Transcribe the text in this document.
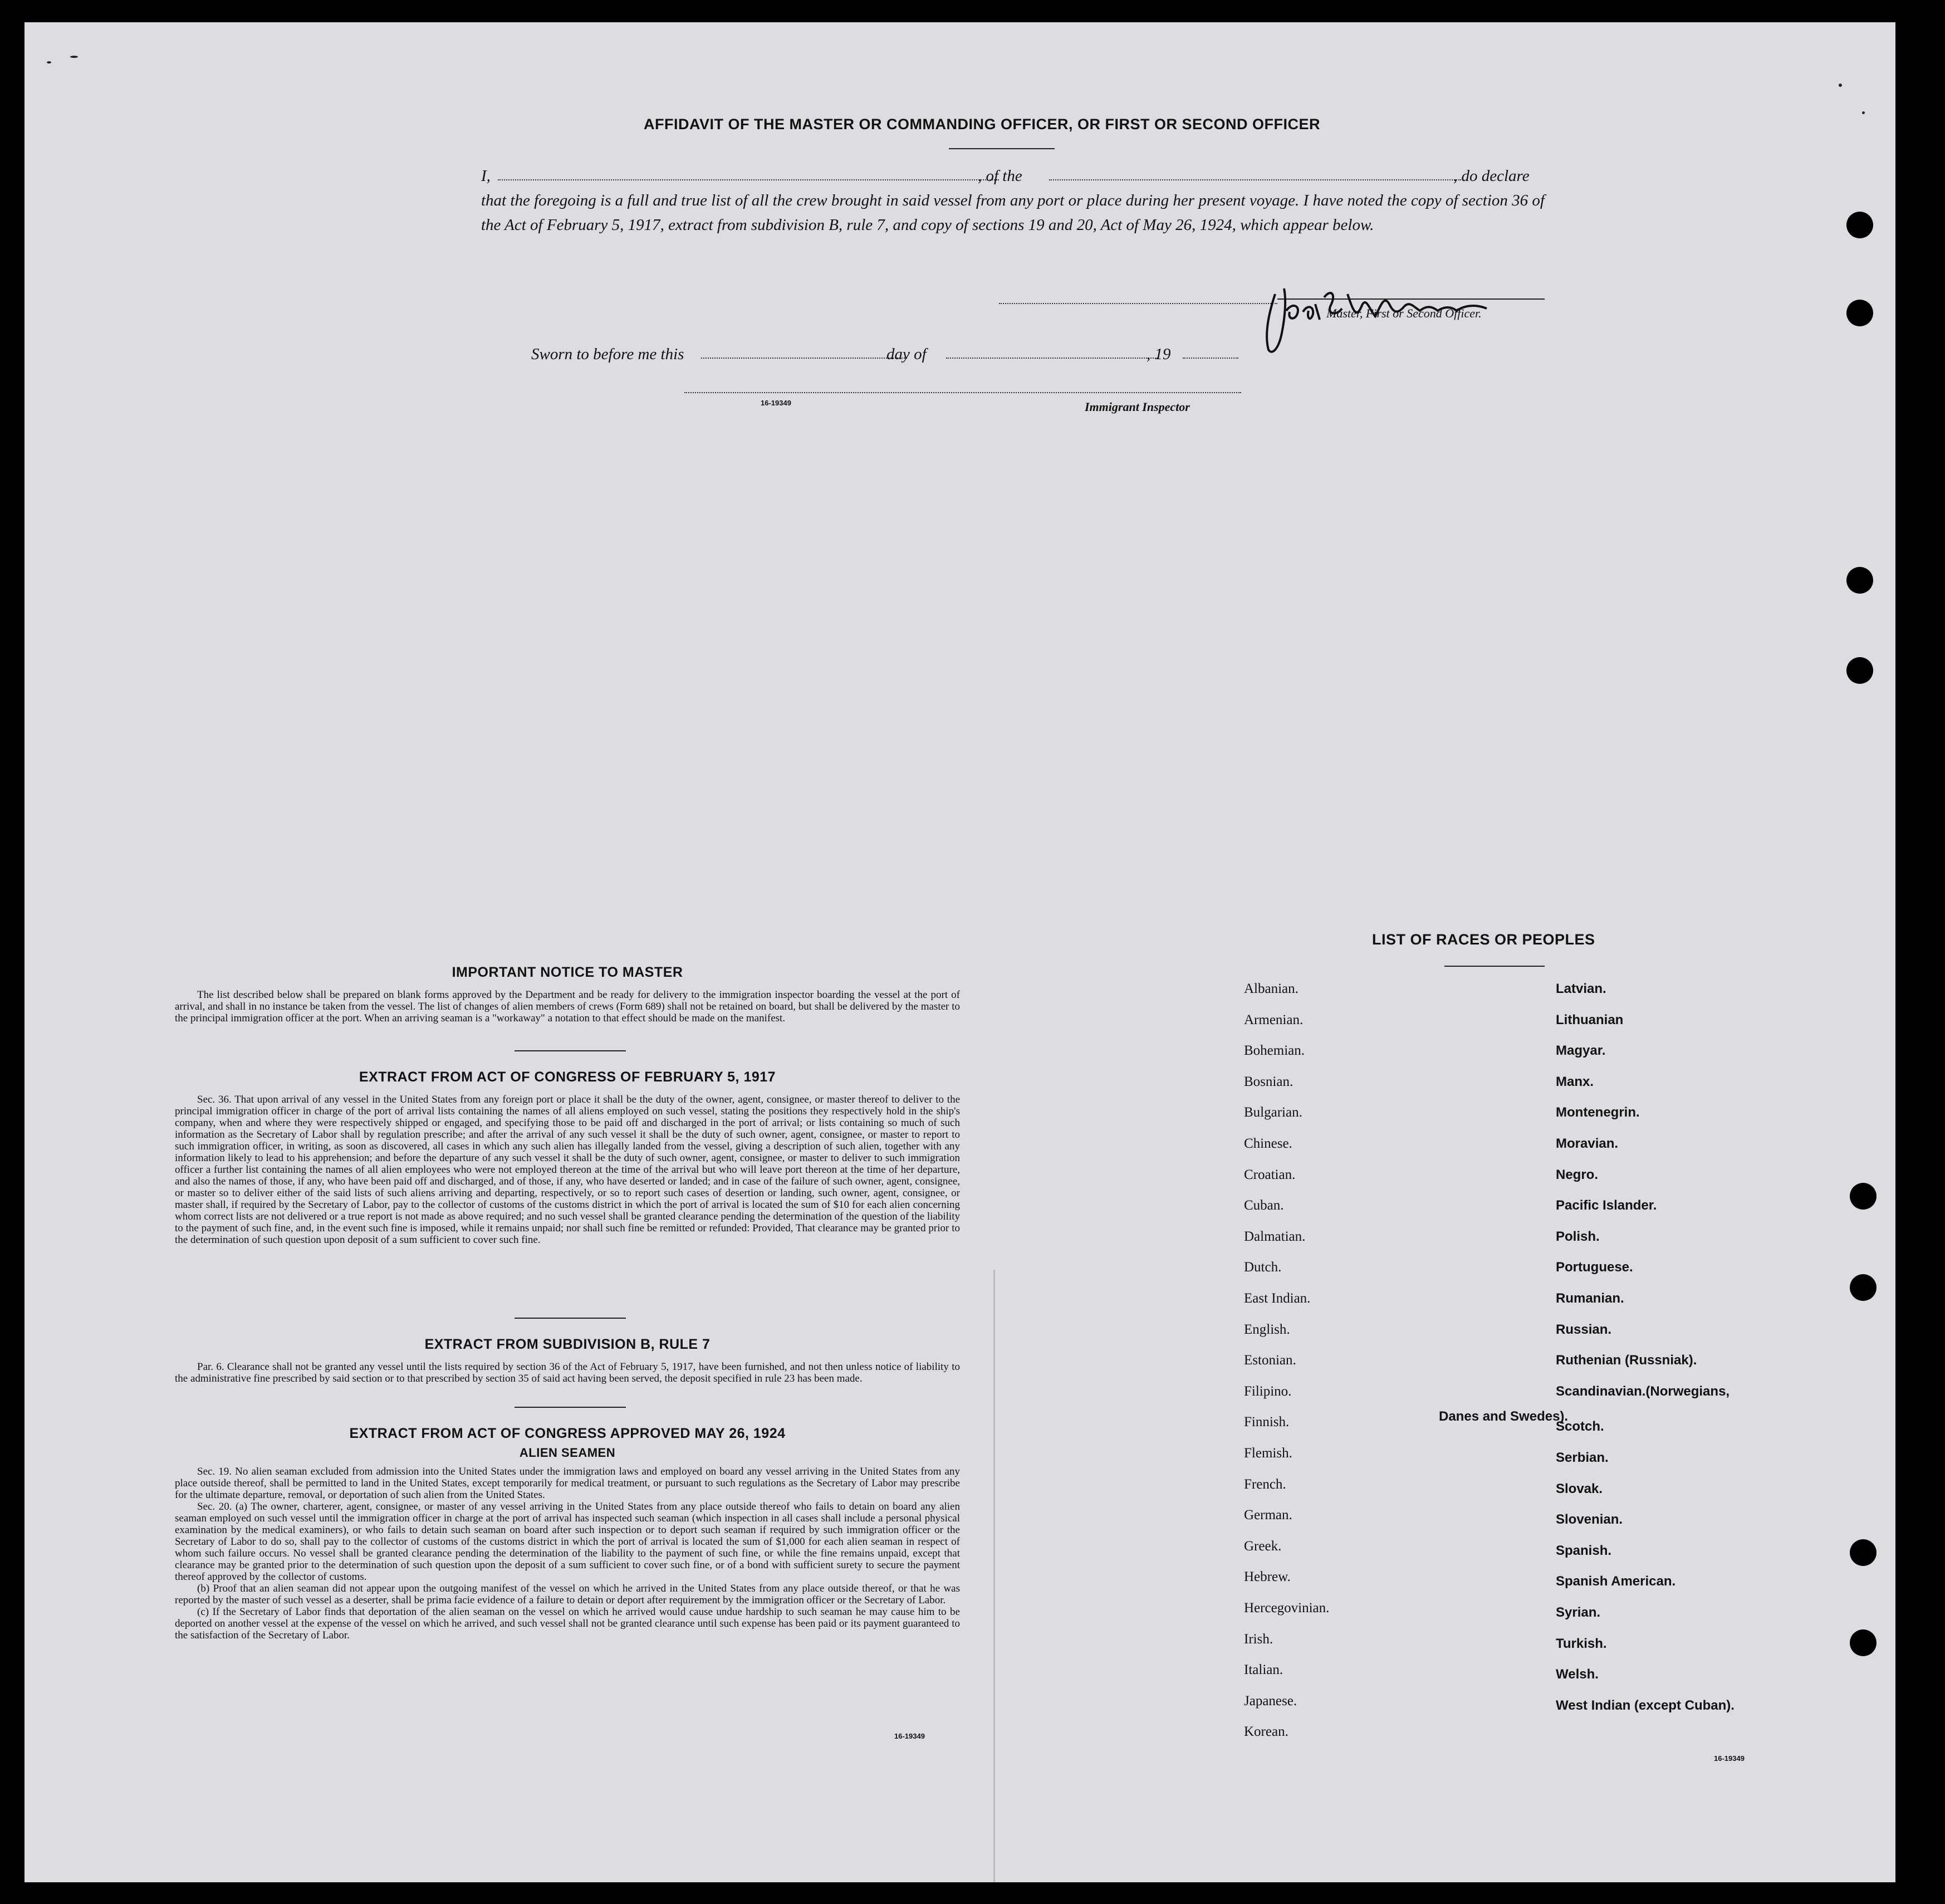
AFFIDAVIT OF THE MASTER OR COMMANDING OFFICER, OR FIRST OR SECOND OFFICER
I,	, of the	, do declare
that the foregoing is a full and true list of all the crew brought in said vessel from any port or place during her present voyage. I have noted the copy of section 36 of the Act of February 5, 1917, extract from subdivision B, rule 7, and copy of sections 19 and 20, Act of May 26, 1924, which appear below.
Master, First or Second Officer.
Sworn to before me this	day of	, 19
16-19349	Immigrant Inspector
IMPORTANT NOTICE TO MASTER

The list described below shall be prepared on blank forms approved by the Department and be ready for delivery to the immigration inspector boarding the vessel at the port of arrival, and shall in no instance be taken from the vessel. The list of changes of alien members of crews (Form 689) shall not be retained on board, but shall be delivered by the master to the principal immigration officer at the port. When an arriving seaman is a "workaway" a notation to that effect should be made on the manifest.

EXTRACT FROM ACT OF CONGRESS OF FEBRUARY 5, 1917

Sec. 36. That upon arrival of any vessel in the United States from any foreign port or place it shall be the duty of the owner, agent, consignee, or master thereof to deliver to the principal immigration officer in charge of the port of arrival lists containing the names of all aliens employed on such vessel, stating the positions they respectively hold in the ship's company, when and where they were respectively shipped or engaged, and specifying those to be paid off and discharged in the port of arrival; or lists containing so much of such information as the Secretary of Labor shall by regulation prescribe; and after the arrival of any such vessel it shall be the duty of such owner, agent, consignee, or master to report to such immigration officer, in writing, as soon as discovered, all cases in which any such alien has illegally landed from the vessel, giving a description of such alien, together with any information likely to lead to his apprehension; and before the departure of any such vessel it shall be the duty of such owner, agent, consignee, or master to deliver to such immigration officer a further list containing the names of all alien employees who were not employed thereon at the time of the arrival but who will leave port thereon at the time of her departure, and also the names of those, if any, who have been paid off and discharged, and of those, if any, who have deserted or landed; and in case of the failure of such owner, agent, consignee, or master so to deliver either of the said lists of such aliens arriving and departing, respectively, or so to report such cases of desertion or landing, such owner, agent, consignee, or master shall, if required by the Secretary of Labor, pay to the collector of customs of the customs district in which the port of arrival is located the sum of $10 for each alien concerning whom correct lists are not delivered or a true report is not made as above required; and no such vessel shall be granted clearance pending the determination of the question of the liability to the payment of such fine, and, in the event such fine is imposed, while it remains unpaid; nor shall such fine be remitted or refunded: Provided, That clearance may be granted prior to the determination of such question upon deposit of a sum sufficient to cover such fine.

EXTRACT FROM SUBDIVISION B, RULE 7

Par. 6. Clearance shall not be granted any vessel until the lists required by section 36 of the Act of February 5, 1917, have been furnished, and not then unless notice of liability to the administrative fine prescribed by said section or to that prescribed by section 35 of said act having been served, the deposit specified in rule 23 has been made.

EXTRACT FROM ACT OF CONGRESS APPROVED MAY 26, 1924
ALIEN SEAMEN

Sec. 19. No alien seaman excluded from admission into the United States under the immigration laws and employed on board any vessel arriving in the United States from any place outside thereof, shall be permitted to land in the United States, except temporarily for medical treatment, or pursuant to such regulations as the Secretary of Labor may prescribe for the ultimate departure, removal, or deportation of such alien from the United States.

Sec. 20. (a) The owner, charterer, agent, consignee, or master of any vessel arriving in the United States from any place outside thereof who fails to detain on board any alien seaman employed on such vessel until the immigration officer in charge at the port of arrival has inspected such seaman (which inspection in all cases shall include a personal physical examination by the medical examiners), or who fails to detain such seaman on board after such inspection or to deport such seaman if required by such immigration officer or the Secretary of Labor to do so, shall pay to the collector of customs of the customs district in which the port of arrival is located the sum of $1,000 for each alien seaman in respect of whom such failure occurs. No vessel shall be granted clearance pending the determination of the liability to the payment of such fine, or while the fine remains unpaid, except that clearance may be granted prior to the determination of such question upon the deposit of a sum sufficient to cover such fine, or of a bond with sufficient surety to secure the payment thereof approved by the collector of customs.

(b) Proof that an alien seaman did not appear upon the outgoing manifest of the vessel on which he arrived in the United States from any place outside thereof, or that he was reported by the master of such vessel as a deserter, shall be prima facie evidence of a failure to detain or deport after requirement by the immigration officer or the Secretary of Labor.

(c) If the Secretary of Labor finds that deportation of the alien seaman on the vessel on which he arrived would cause undue hardship to such seaman he may cause him to be deported on another vessel at the expense of the vessel on which he arrived, and such vessel shall not be granted clearance until such expense has been paid or its payment guaranteed to the satisfaction of the Secretary of Labor.

16-19349
LIST OF RACES OR PEOPLES
Albanian.
Armenian.
Bohemian.
Bosnian.
Bulgarian.
Chinese.
Croatian.
Cuban.
Dalmatian.
Dutch.
East Indian.
English.
Estonian.
Filipino.
Finnish.
Flemish.
French.
German.
Greek.
Hebrew.
Hercegovinian.
Irish.
Italian.
Japanese.
Korean.
Latvian.
Lithuanian
Magyar.
Manx.
Montenegrin.
Moravian.
Negro.
Pacific Islander.
Polish.
Portuguese.
Rumanian.
Russian.
Ruthenian (Russniak).
Scandinavian.(Norwegians,
Scotch.
Serbian.
Slovak.
Slovenian.
Spanish.
Spanish American.
Syrian.
Turkish.
Welsh.
West Indian (except Cuban).
Danes and Swedes).
16-19349
